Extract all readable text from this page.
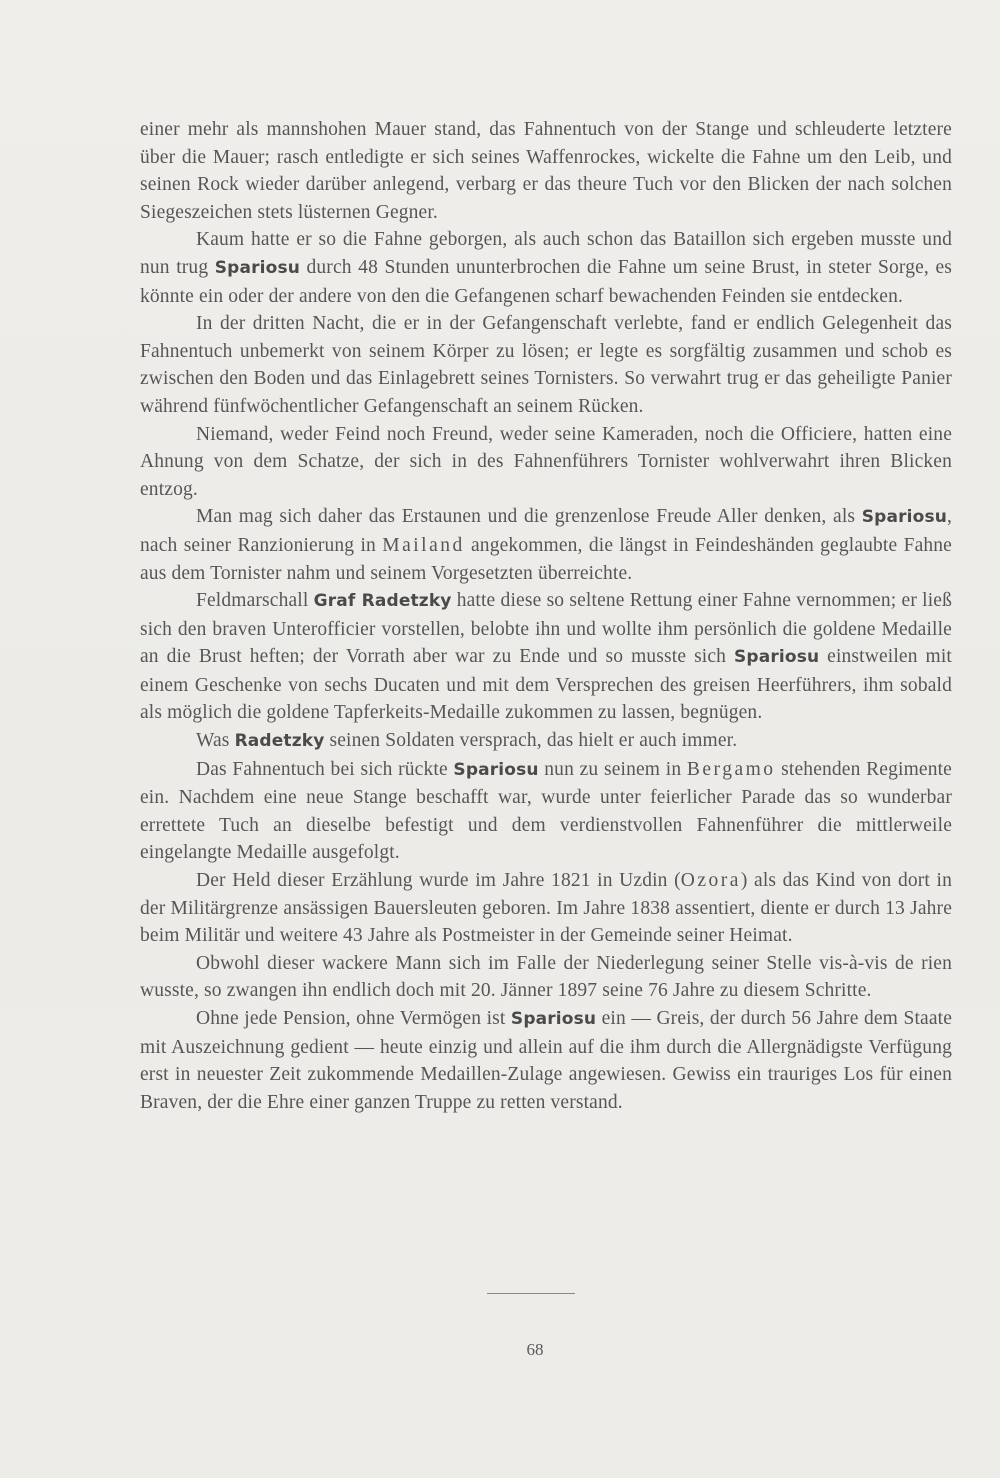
einer mehr als mannshohen Mauer stand, das Fahnentuch von der Stange und schleuderte letztere über die Mauer; rasch entledigte er sich seines Waffenrockes, wickelte die Fahne um den Leib, und seinen Rock wieder darüber anlegend, verbarg er das theure Tuch vor den Blicken der nach solchen Siegeszeichen stets lüsternen Gegner.

Kaum hatte er so die Fahne geborgen, als auch schon das Bataillon sich ergeben musste und nun trug Spariosu durch 48 Stunden ununterbrochen die Fahne um seine Brust, in steter Sorge, es könnte ein oder der andere von den die Gefangenen scharf bewachenden Feinden sie entdecken.

In der dritten Nacht, die er in der Gefangenschaft verlebte, fand er endlich Gelegenheit das Fahnentuch unbemerkt von seinem Körper zu lösen; er legte es sorgfältig zusammen und schob es zwischen den Boden und das Einlagebrett seines Tornisters. So verwahrt trug er das geheiligte Panier während fünfwöchentlicher Gefangenschaft an seinem Rücken.

Niemand, weder Feind noch Freund, weder seine Kameraden, noch die Officiere, hatten eine Ahnung von dem Schatze, der sich in des Fahnenführers Tornister wohlverwahrt ihren Blicken entzog.

Man mag sich daher das Erstaunen und die grenzenlose Freude Aller denken, als Spariosu, nach seiner Ranzionierung in Mailand angekommen, die längst in Feindeshänden geglaubte Fahne aus dem Tornister nahm und seinem Vorgesetzten überreichte.

Feldmarschall Graf Radetzky hatte diese so seltene Rettung einer Fahne vernommen; er ließ sich den braven Unterofficier vorstellen, belobte ihn und wollte ihm persönlich die goldene Medaille an die Brust heften; der Vorrath aber war zu Ende und so musste sich Spariosu einstweilen mit einem Geschenke von sechs Ducaten und mit dem Versprechen des greisen Heerführers, ihm sobald als möglich die goldene Tapferkeits-Medaille zukommen zu lassen, begnügen.

Was Radetzky seinen Soldaten versprach, das hielt er auch immer.

Das Fahnentuch bei sich rückte Spariosu nun zu seinem in Bergamo stehenden Regimente ein. Nachdem eine neue Stange beschafft war, wurde unter feierlicher Parade das so wunderbar errettete Tuch an dieselbe befestigt und dem verdienstvollen Fahnenführer die mittlerweile eingelangte Medaille ausgefolgt.

Der Held dieser Erzählung wurde im Jahre 1821 in Uzdin (Ozora) als das Kind von dort in der Militärgrenze ansässigen Bauersleuten geboren. Im Jahre 1838 assentiert, diente er durch 13 Jahre beim Militär und weitere 43 Jahre als Postmeister in der Gemeinde seiner Heimat.

Obwohl dieser wackere Mann sich im Falle der Niederlegung seiner Stelle vis-à-vis de rien wusste, so zwangen ihn endlich doch mit 20. Jänner 1897 seine 76 Jahre zu diesem Schritte.

Ohne jede Pension, ohne Vermögen ist Spariosu ein — Greis, der durch 56 Jahre dem Staate mit Auszeichnung gedient — heute einzig und allein auf die ihm durch die Allergnädigste Verfügung erst in neuester Zeit zukommende Medaillen-Zulage angewiesen. Gewiss ein trauriges Los für einen Braven, der die Ehre einer ganzen Truppe zu retten verstand.

68
